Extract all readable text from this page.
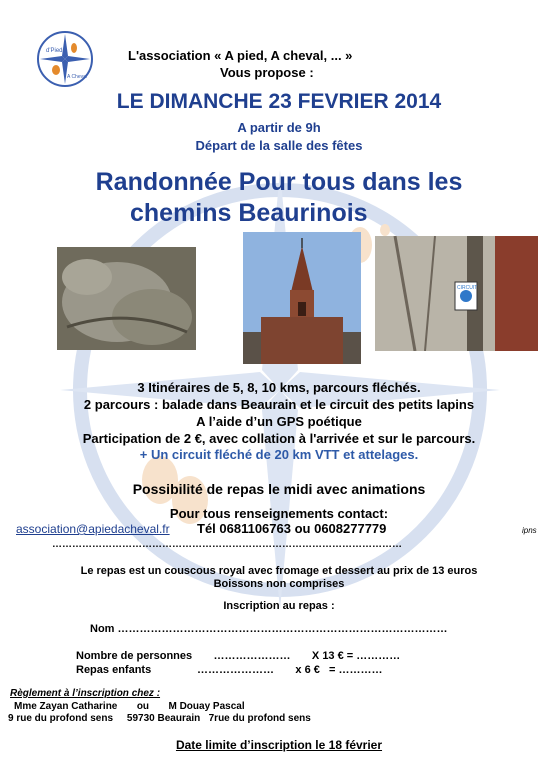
d'Pied
A Cheval
L'association « A pied, A cheval, ... »
Vous propose :
LE DIMANCHE 23 FEVRIER 2014
A partir de 9h
Départ de la salle des fêtes
Randonnée Pour tous dans les
chemins Beaurinois
CIRCUIT
3 Itinéraires de 5, 8, 10 kms, parcours fléchés.
2 parcours : balade dans Beaurain et le circuit des petits lapins
A l’aide d’un GPS poétique
Participation de 2 €, avec collation à l'arrivée et sur le parcours.
+ Un circuit fléché de 20 km VTT et attelages.
Possibilité de repas le midi avec animations
Pour tous renseignements contact:
association@apiedacheval.fr Tél 0681106763 ou 0608277779	ipns
……………………………………………………………………………………………
Le repas est un couscous royal avec fromage et dessert au prix de 13 euros
Boissons non comprises
Inscription au repas :
Nom ………………………………………………………………………………
Nombre de personnes       …………………       X 13 € = …………
Repas enfants               …………………       x 6 €   = …………
Règlement à l’inscription chez :
Mme Zayan Catharine       ou       M Douay Pascal
9 rue du profond sens     59730 Beaurain   7rue du profond sens
Date limite d’inscription le 18 février
